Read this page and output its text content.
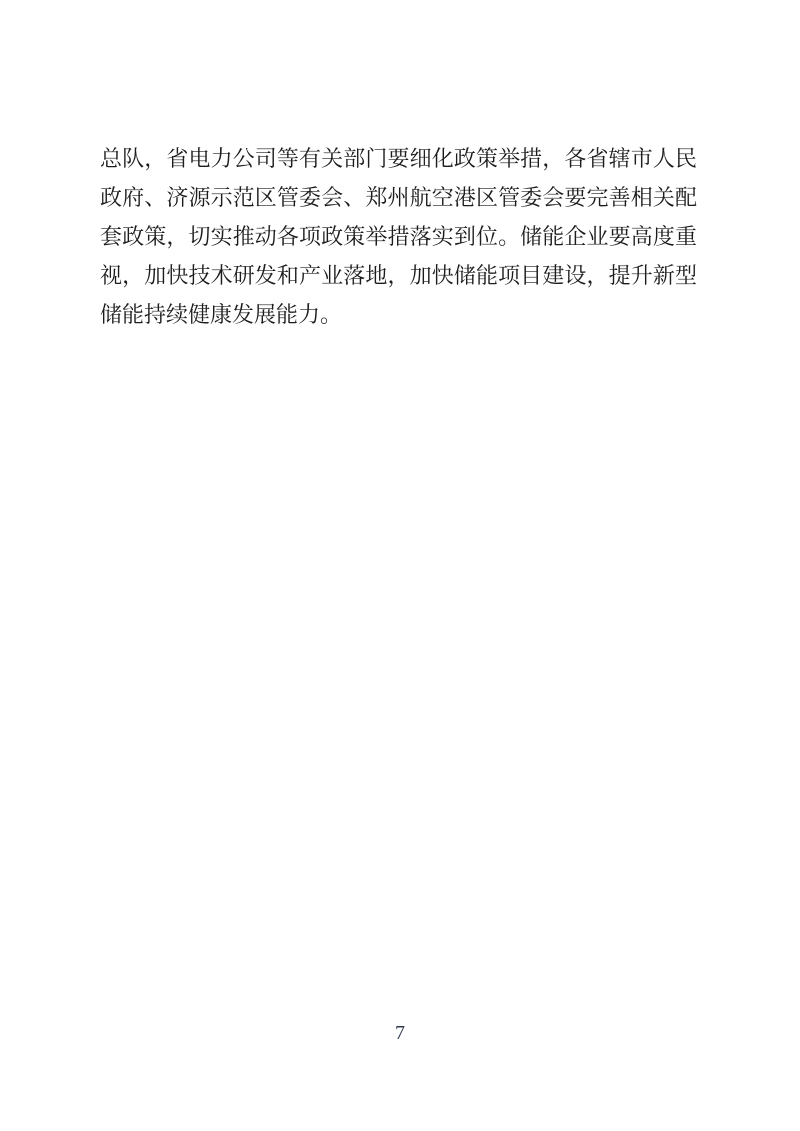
总队，省电力公司等有关部门要细化政策举措，各省辖市人民
政府、济源示范区管委会、郑州航空港区管委会要完善相关配
套政策，切实推动各项政策举措落实到位。储能企业要高度重
视，加快技术研发和产业落地，加快储能项目建设，提升新型
储能持续健康发展能力。
7
